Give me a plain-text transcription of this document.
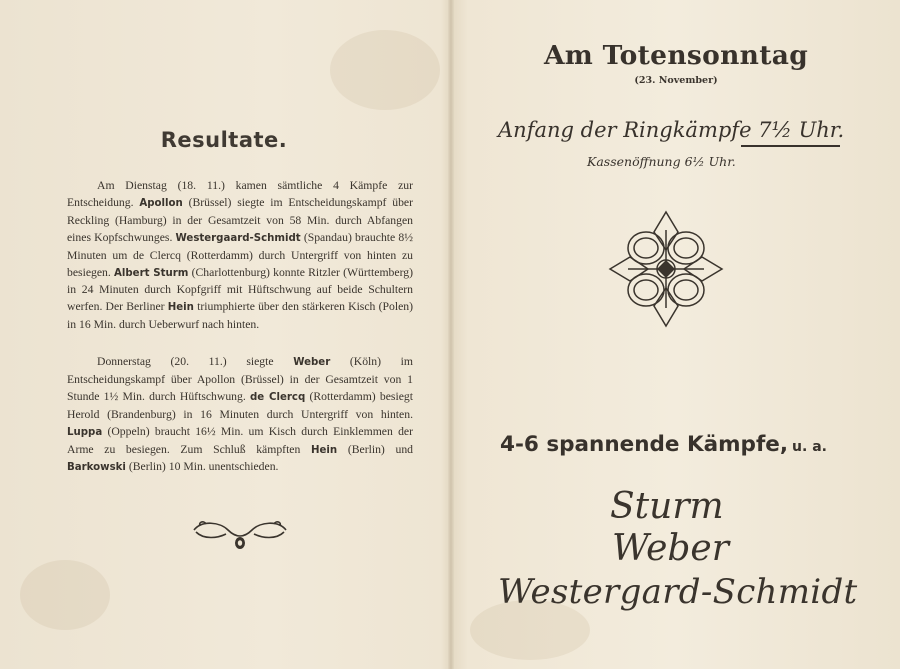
Resultate.

Am Dienstag (18. 11.) kamen sämtliche 4 Kämpfe zur Entscheidung. Apollon (Brüssel) siegte im Entscheidungskampf über Reckling (Hamburg) in der Gesamtzeit von 58 Min. durch Abfangen eines Kopfschwunges. Westergaard-Schmidt (Spandau) brauchte 8½ Minuten um de Clercq (Rotterdamm) durch Untergriff von hinten zu besiegen. Albert Sturm (Charlottenburg) konnte Ritzler (Württemberg) in 24 Minuten durch Kopfgriff mit Hüftschwung auf beide Schultern werfen. Der Berliner Hein triumphierte über den stärkeren Kisch (Polen) in 16 Min. durch Ueberwurf nach hinten.

Donnerstag (20. 11.) siegte Weber (Köln) im Entscheidungskampf über Apollon (Brüssel) in der Gesamtzeit von 1 Stunde 1½ Min. durch Hüftschwung. de Clercq (Rotterdamm) besiegt Herold (Brandenburg) in 16 Minuten durch Untergriff von hinten. Luppa (Oppeln) braucht 16½ Min. um Kisch durch Einklemmen der Arme zu besiegen. Zum Schluß kämpften Hein (Berlin) und Barkowski (Berlin) 10 Min. unentschieden.

Am Totensonntag
(23. November)
Anfang der Ringkämpfe 7½ Uhr.
Kassenöffnung 6½ Uhr.
4-6 spannende Kämpfe, u. a.
Sturm
Weber
Westergard-Schmidt
